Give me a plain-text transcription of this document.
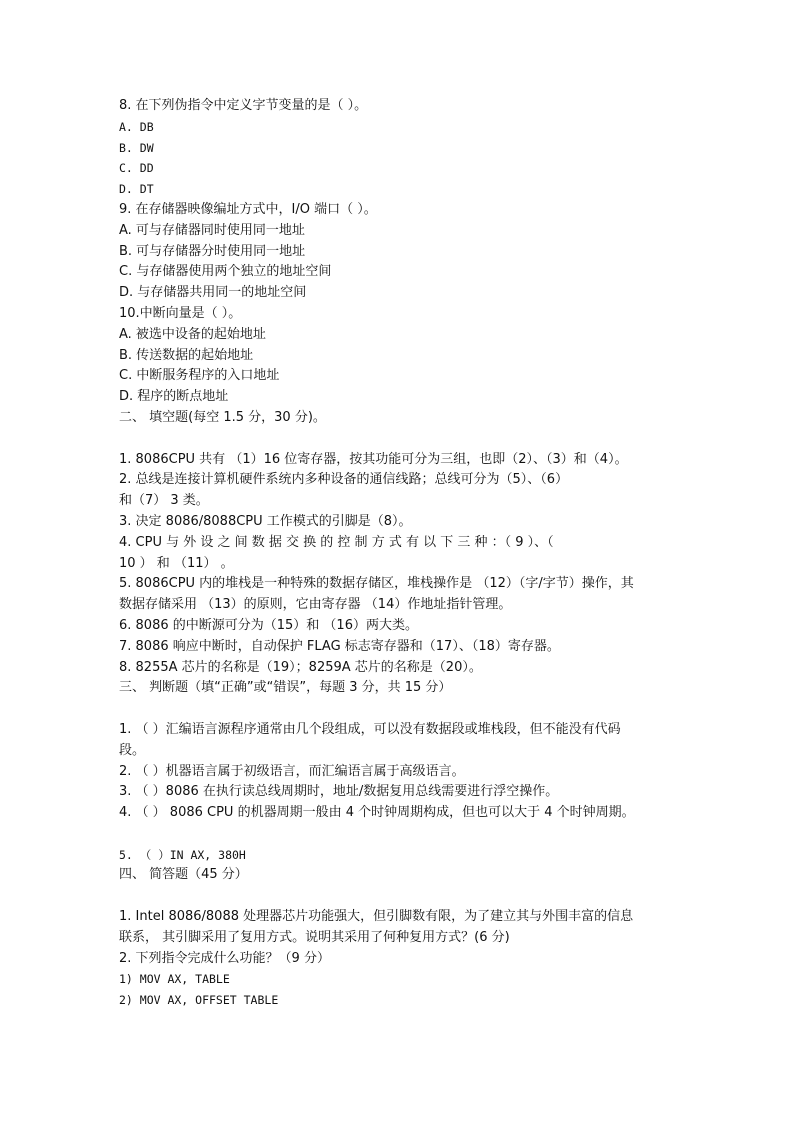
8. 在下列伪指令中定义字节变量的是（ ）。
A. DB
B. DW
C. DD
D. DT
9. 在存储器映像编址方式中，I/O 端口（ ）。
A. 可与存储器同时使用同一地址
B. 可与存储器分时使用同一地址
C. 与存储器使用两个独立的地址空间
D. 与存储器共用同一的地址空间
10.中断向量是（ ）。
A. 被选中设备的起始地址
B. 传送数据的起始地址
C. 中断服务程序的入口地址
D. 程序的断点地址
二、 填空题(每空 1.5 分，30 分)。
1. 8086CPU 共有 （1）16 位寄存器，按其功能可分为三组，也即（2）、（3）和（4）。
2. 总线是连接计算机硬件系统内多种设备的通信线路；总线可分为（5）、（6）
和（7） 3 类。
3. 决定 8086/8088CPU 工作模式的引脚是（8）。
4. CPU 与 外 设 之 间 数 据 交 换 的 控 制 方 式 有 以 下 三 种 ：（ 9 ）、（
10 ） 和 （11） 。
5. 8086CPU 内的堆栈是一种特殊的数据存储区，堆栈操作是 （12）（字/字节）操作，其
数据存储采用 （13）的原则，它由寄存器 （14）作地址指针管理。
6. 8086 的中断源可分为（15）和 （16）两大类。
7. 8086 响应中断时，自动保护 FLAG 标志寄存器和（17）、（18）寄存器。
8. 8255A 芯片的名称是（19）；8259A 芯片的名称是（20）。
三、 判断题（填“正确”或“错误”，每题 3 分，共 15 分）
1. （ ）汇编语言源程序通常由几个段组成，可以没有数据段或堆栈段，但不能没有代码
段。
2. （ ）机器语言属于初级语言，而汇编语言属于高级语言。
3. （ ）8086 在执行读总线周期时，地址/数据复用总线需要进行浮空操作。
4. （ ） 8086 CPU 的机器周期一般由 4 个时钟周期构成，但也可以大于 4 个时钟周期。
5. （ ）IN AX, 380H
四、 简答题（45 分）
1. Intel 8086/8088 处理器芯片功能强大，但引脚数有限，为了建立其与外围丰富的信息
联系， 其引脚采用了复用方式。说明其采用了何种复用方式？(6 分)
2. 下列指令完成什么功能？（9 分）
1) MOV AX, TABLE
2) MOV AX, OFFSET TABLE
